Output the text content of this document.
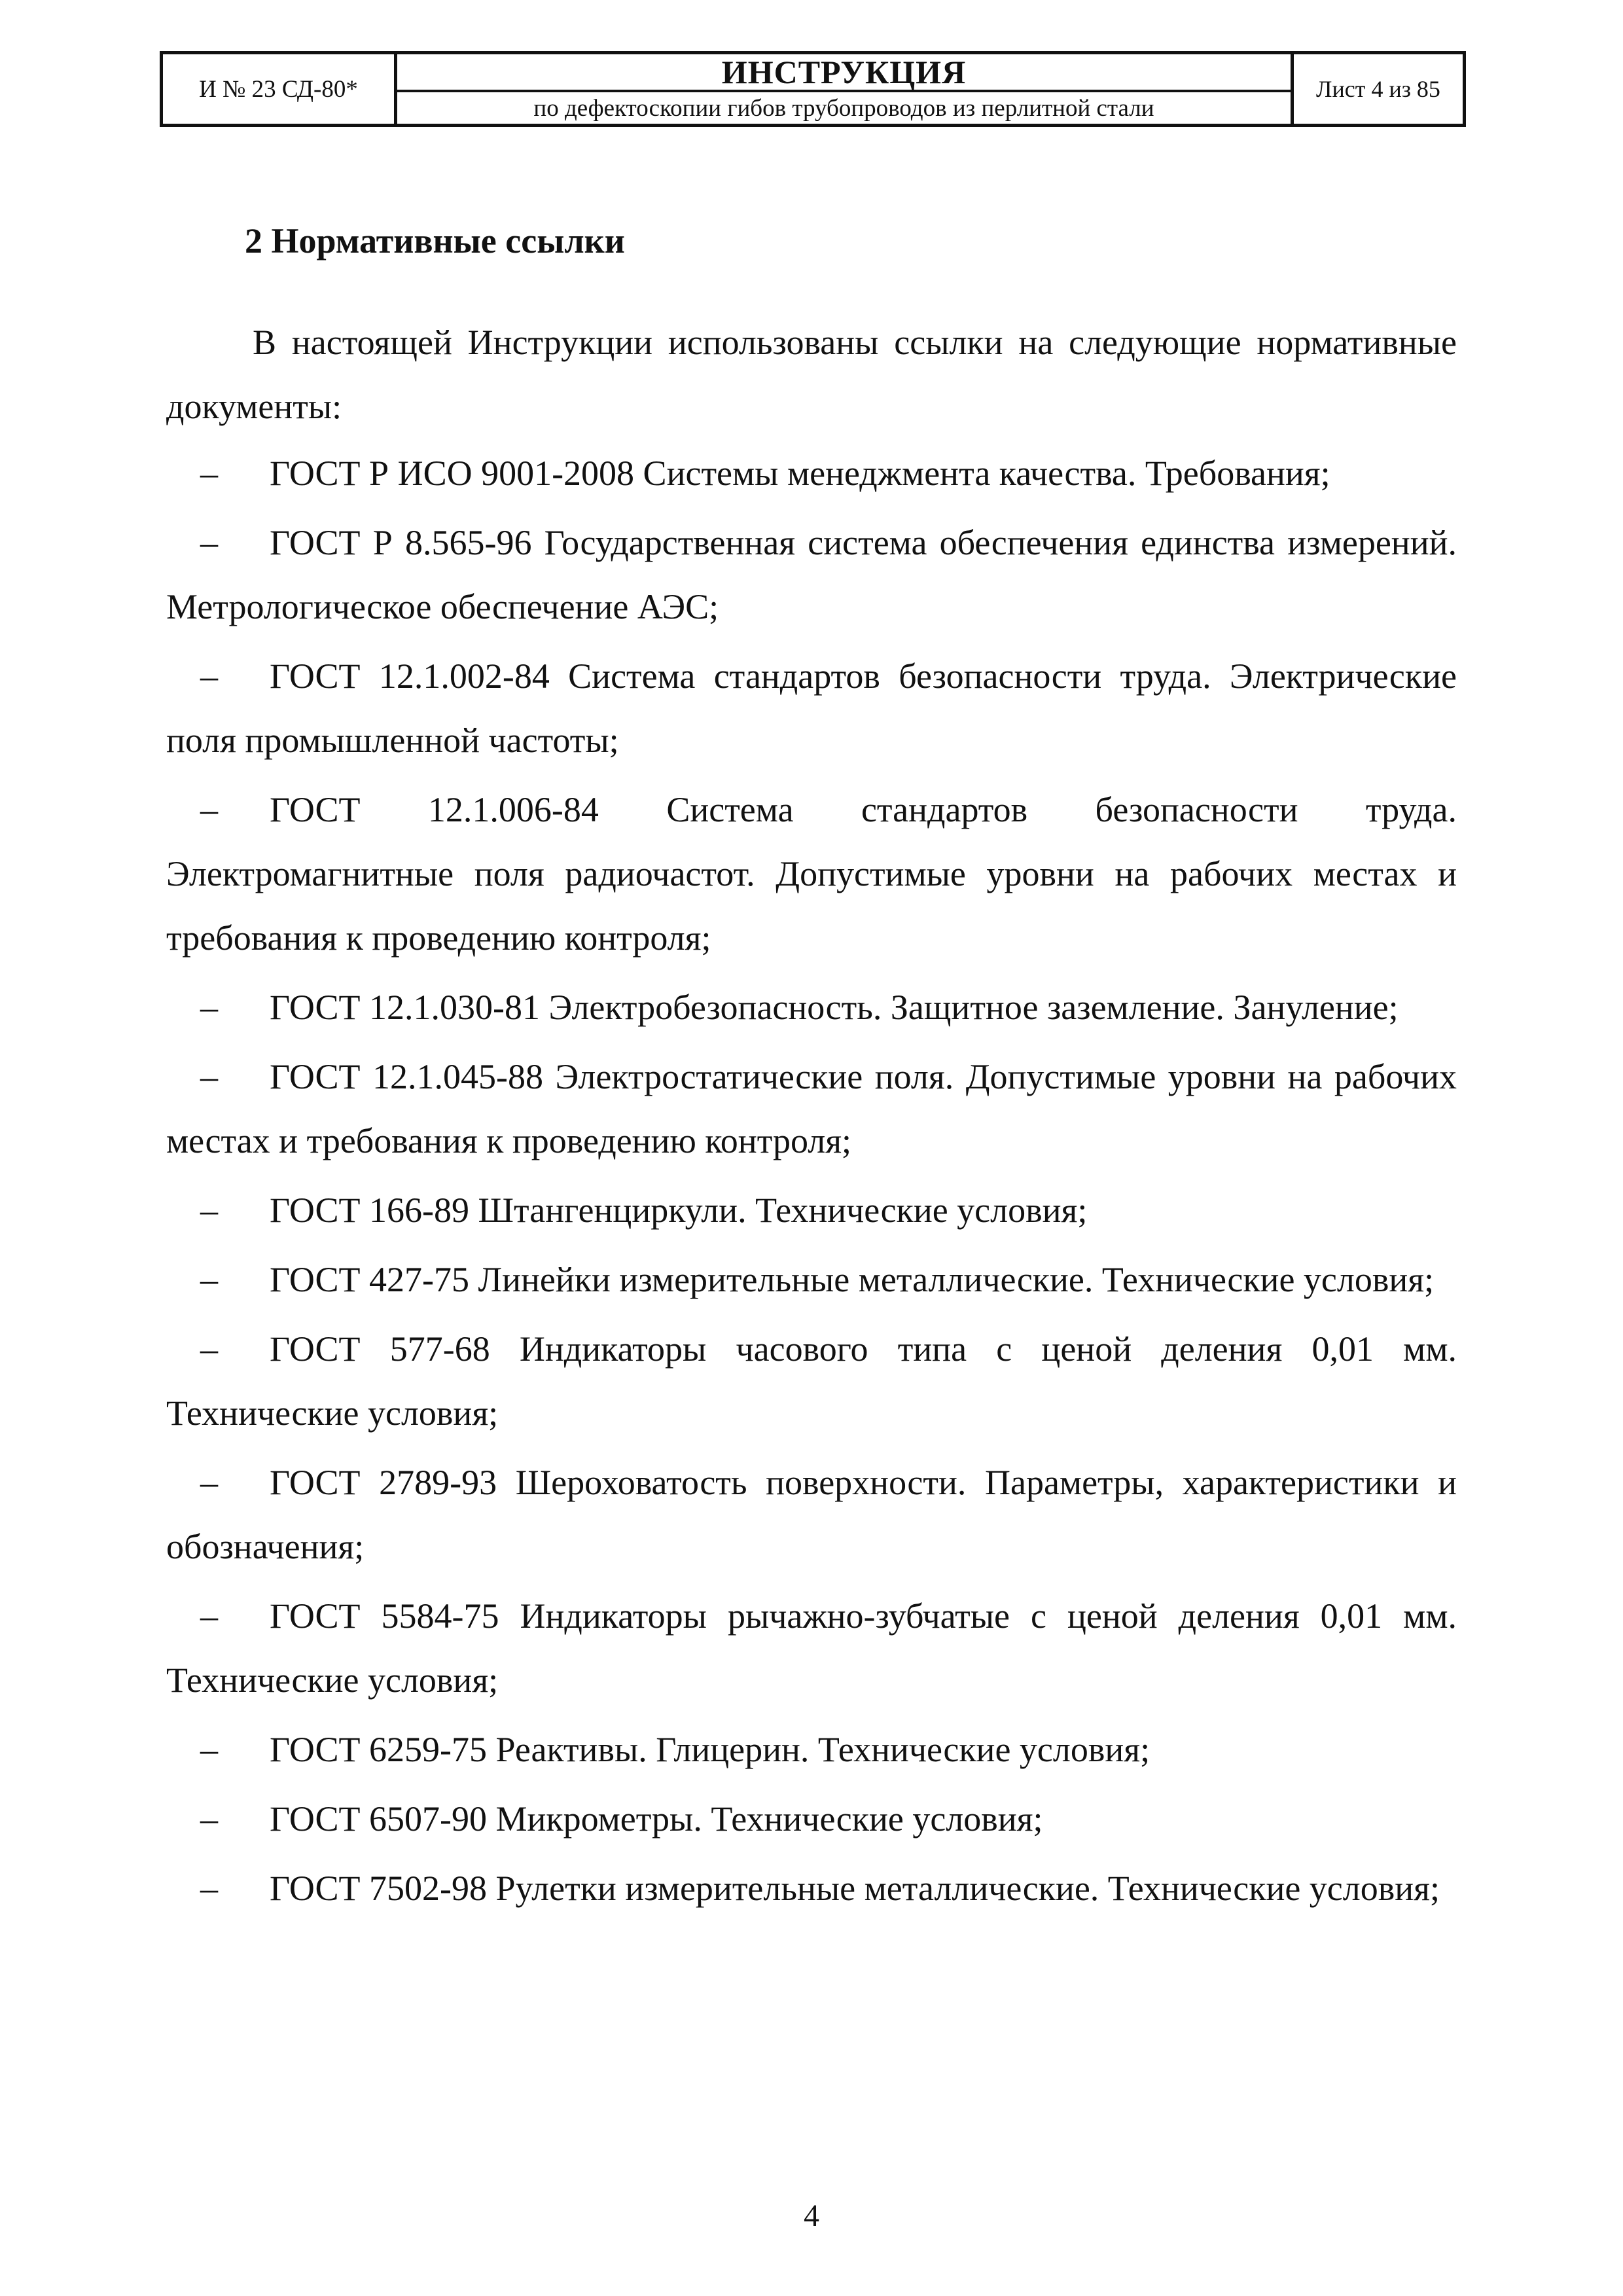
И № 23 СД-80*	ИНСТРУКЦИЯ
по дефектоскопии гибов трубопроводов из перлитной стали
Лист 4 из 85
2 Нормативные ссылки

В настоящей Инструкции использованы ссылки на следующие нормативные документы:

– ГОСТ Р ИСО 9001-2008 Системы менеджмента качества. Требования;

– ГОСТ Р 8.565-96 Государственная система обеспечения единства измерений. Метрологическое обеспечение АЭС;

– ГОСТ 12.1.002-84 Система стандартов безопасности труда. Электрические поля промышленной частоты;

– ГОСТ 12.1.006-84 Система стандартов безопасности труда. Электромагнитные поля радиочастот. Допустимые уровни на рабочих местах и требования к проведению контроля;

– ГОСТ 12.1.030-81 Электробезопасность. Защитное заземление. Зануление;

– ГОСТ 12.1.045-88 Электростатические поля. Допустимые уровни на рабочих местах и требования к проведению контроля;

– ГОСТ 166-89 Штангенциркули. Технические условия;

– ГОСТ 427-75 Линейки измерительные металлические. Технические условия;

– ГОСТ 577-68 Индикаторы часового типа с ценой деления 0,01 мм. Технические условия;

– ГОСТ 2789-93 Шероховатость поверхности. Параметры, характеристики и обозначения;

– ГОСТ 5584-75 Индикаторы рычажно-зубчатые с ценой деления 0,01 мм. Технические условия;

– ГОСТ 6259-75 Реактивы. Глицерин. Технические условия;

– ГОСТ 6507-90 Микрометры. Технические условия;

– ГОСТ 7502-98 Рулетки измерительные металлические. Технические условия;

4
